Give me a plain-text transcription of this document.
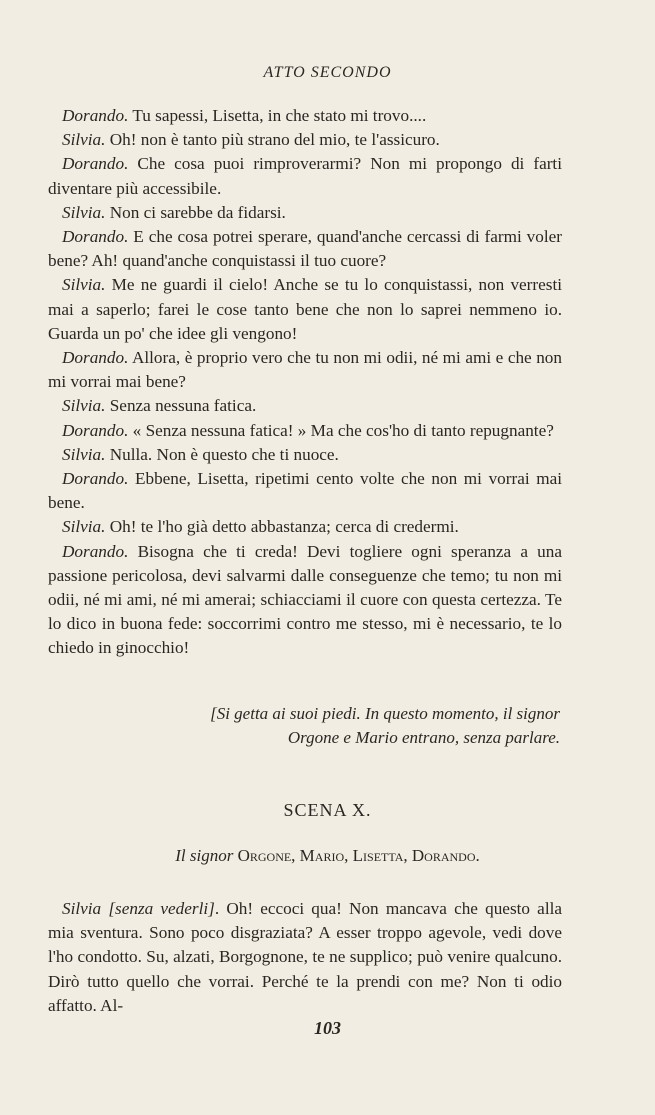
ATTO SECONDO

Dorando. Tu sapessi, Lisetta, in che stato mi trovo....

Silvia. Oh! non è tanto più strano del mio, te l'assicuro.

Dorando. Che cosa puoi rimproverarmi? Non mi propongo di farti diventare più accessibile.

Silvia. Non ci sarebbe da fidarsi.

Dorando. E che cosa potrei sperare, quand'anche cercassi di farmi voler bene? Ah! quand'anche conquistassi il tuo cuore?

Silvia. Me ne guardi il cielo! Anche se tu lo conquistassi, non verresti mai a saperlo; farei le cose tanto bene che non lo saprei nemmeno io. Guarda un po' che idee gli vengono!

Dorando. Allora, è proprio vero che tu non mi odii, né mi ami e che non mi vorrai mai bene?

Silvia. Senza nessuna fatica.

Dorando. « Senza nessuna fatica! » Ma che cos'ho di tanto repugnante?

Silvia. Nulla. Non è questo che ti nuoce.

Dorando. Ebbene, Lisetta, ripetimi cento volte che non mi vorrai mai bene.

Silvia. Oh! te l'ho già detto abbastanza; cerca di credermi.

Dorando. Bisogna che ti creda! Devi togliere ogni speranza a una passione pericolosa, devi salvarmi dalle conseguenze che temo; tu non mi odii, né mi ami, né mi amerai; schiacciami il cuore con questa certezza. Te lo dico in buona fede: soccorrimi contro me stesso, mi è necessario, te lo chiedo in ginocchio!

[Si getta ai suoi piedi. In questo momento, il signor
Orgone e Mario entrano, senza parlare.
SCENA X.
Il signor Orgone, Mario, Lisetta, Dorando.

Silvia [senza vederli]. Oh! eccoci qua! Non mancava che questo alla mia sventura. Sono poco disgraziata? A esser troppo agevole, vedi dove l'ho condotto. Su, alzati, Borgognone, te ne supplico; può venire qualcuno. Dirò tutto quello che vorrai. Perché te la prendi con me? Non ti odio affatto. Al-

103
